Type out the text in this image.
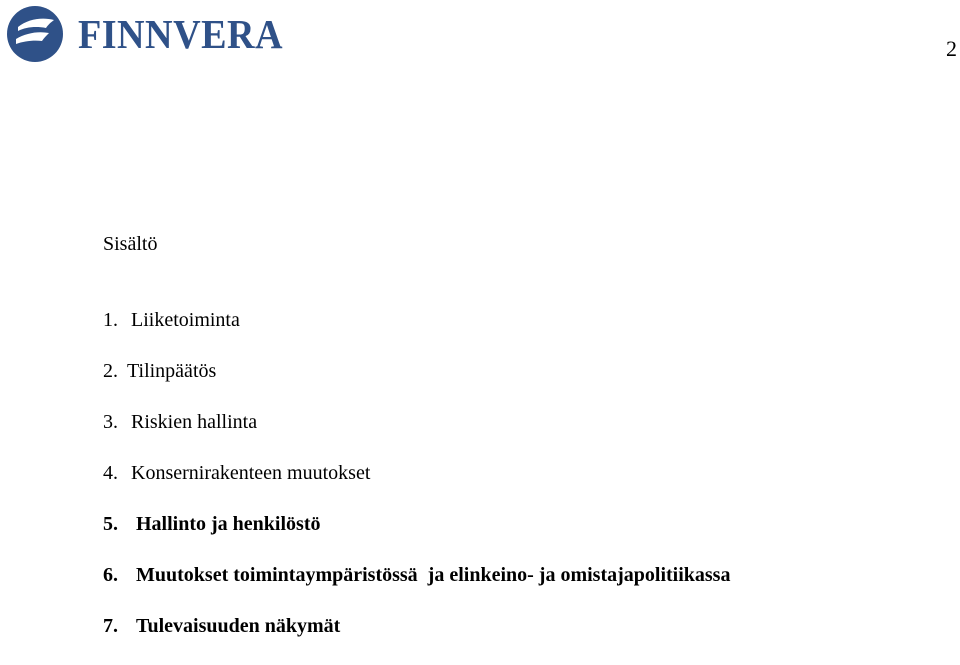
FINNVERA	2
Sisältö
1. Liiketoiminta
2. Tilinpäätös
3. Riskien hallinta
4. Konsernirakenteen muutokset
5. Hallinto ja henkilöstö
6. Muutokset toimintaympäristössä  ja elinkeino- ja omistajapolitiikassa
7. Tulevaisuuden näkymät
